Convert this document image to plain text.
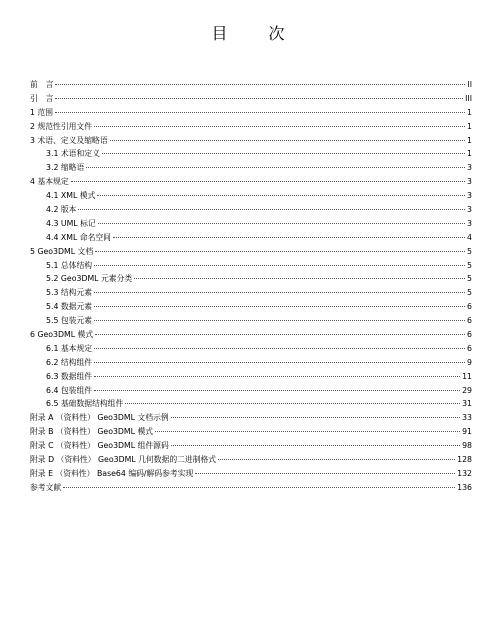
目 次
前　言	II
引　言	III
1 范围	1
2 规范性引用文件	1
3 术语、定义及缩略语	1
3.1 术语和定义	1
3.2 缩略语	3
4 基本规定	3
4.1 XML 模式	3
4.2 版本	3
4.3 UML 标记	3
4.4 XML 命名空间	4
5 Geo3DML 文档	5
5.1 总体结构	5
5.2 Geo3DML 元素分类	5
5.3 结构元素	5
5.4 数据元素	6
5.5 包装元素	6
6 Geo3DML 模式	6
6.1 基本规定	6
6.2 结构组件	9
6.3 数据组件	11
6.4 包装组件	29
6.5 基础数据结构组件	31
附录 A （资料性） Geo3DML 文档示例	33
附录 B （资料性） Geo3DML 模式	91
附录 C （资料性） Geo3DML 组件源码	98
附录 D （资料性） Geo3DML 几何数据的二进制格式	128
附录 E （资料性） Base64 编码/解码参考实现	132
参考文献	136
